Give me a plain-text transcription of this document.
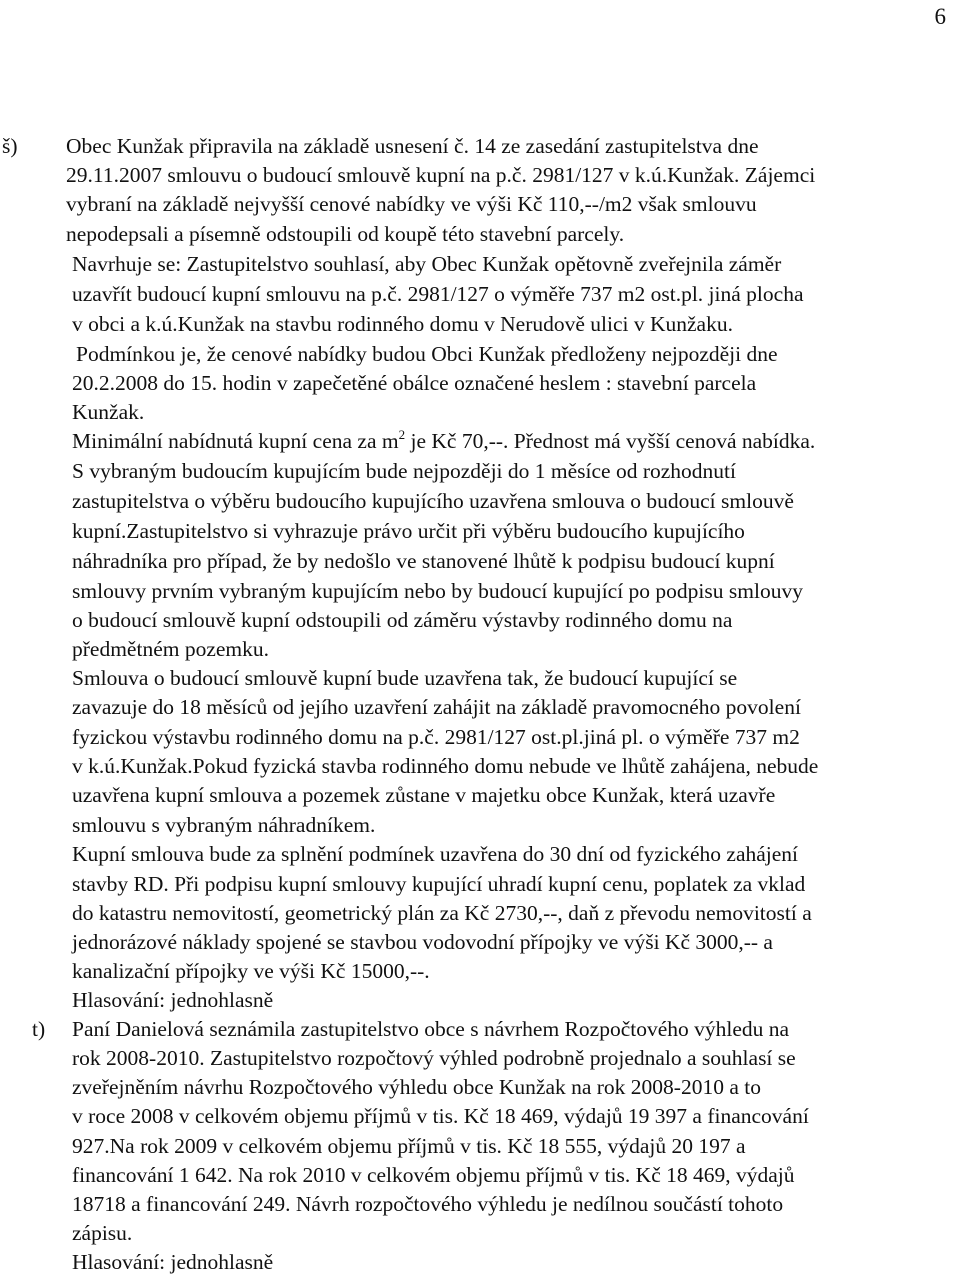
6
š) Obec Kunžak připravila na základě usnesení č. 14 ze zasedání zastupitelstva dne
29.11.2007 smlouvu o budoucí smlouvě kupní na p.č. 2981/127 v k.ú.Kunžak. Zájemci
vybraní na základě nejvyšší cenové nabídky ve výši Kč 110,--/m2 však smlouvu
nepodepsali a písemně odstoupili od koupě této stavební parcely.
Navrhuje se: Zastupitelstvo souhlasí, aby Obec Kunžak opětovně zveřejnila záměr
uzavřít budoucí kupní smlouvu na p.č. 2981/127 o výměře 737 m2 ost.pl. jiná plocha
v obci a k.ú.Kunžak na stavbu rodinného domu v Nerudově ulici v Kunžaku.
Podmínkou je, že cenové nabídky budou Obci Kunžak předloženy nejpozději dne
20.2.2008 do 15. hodin v zapečetěné obálce označené heslem : stavební parcela
Kunžak.
Minimální nabídnutá kupní cena za $m^2$ je Kč 70,--. Přednost má vyšší cenová nabídka.
S vybraným budoucím kupujícím bude nejpozději do 1 měsíce od rozhodnutí
zastupitelstva o výběru budoucího kupujícího uzavřena smlouva o budoucí smlouvě
kupní.Zastupitelstvo si vyhrazuje právo určit při výběru budoucího kupujícího
náhradníka pro případ, že by nedošlo ve stanovené lhůtě k podpisu budoucí kupní
smlouvy prvním vybraným kupujícím nebo by budoucí kupující po podpisu smlouvy
o budoucí smlouvě kupní odstoupili od záměru výstavby rodinného domu na
předmětném pozemku.
Smlouva o budoucí smlouvě kupní bude uzavřena tak, že budoucí kupující se
zavazuje do 18 měsíců od jejího uzavření zahájit na základě pravomocného povolení
fyzickou výstavbu rodinného domu na p.č. 2981/127 ost.pl.jiná pl. o výměře 737 m2
v k.ú.Kunžak.Pokud fyzická stavba rodinného domu nebude ve lhůtě zahájena, nebude
uzavřena kupní smlouva a pozemek zůstane v majetku obce Kunžak, která uzavře
smlouvu s vybraným náhradníkem.
Kupní smlouva bude za splnění podmínek uzavřena do 30 dní od fyzického zahájení
stavby RD. Při podpisu kupní smlouvy kupující uhradí kupní cenu, poplatek za vklad
do katastru nemovitostí, geometrický plán za Kč 2730,--, daň z převodu nemovitostí a
jednorázové náklady spojené se stavbou vodovodní přípojky ve výši Kč 3000,-- a
kanalizační přípojky ve výši Kč 15000,--.
Hlasování: jednohlasně
t) Paní Danielová seznámila zastupitelstvo obce s návrhem Rozpočtového výhledu na
rok 2008-2010. Zastupitelstvo rozpočtový výhled podrobně projednalo a souhlasí se
zveřejněním návrhu Rozpočtového výhledu obce Kunžak na rok 2008-2010 a to
v roce 2008 v celkovém objemu příjmů v tis. Kč 18 469, výdajů 19 397 a financování
927.Na rok 2009 v celkovém objemu příjmů v tis. Kč 18 555, výdajů 20 197 a
financování 1 642. Na rok 2010 v celkovém objemu příjmů v tis. Kč 18 469, výdajů
18718 a financování 249. Návrh rozpočtového výhledu je nedílnou součástí tohoto
zápisu.
Hlasování: jednohlasně
